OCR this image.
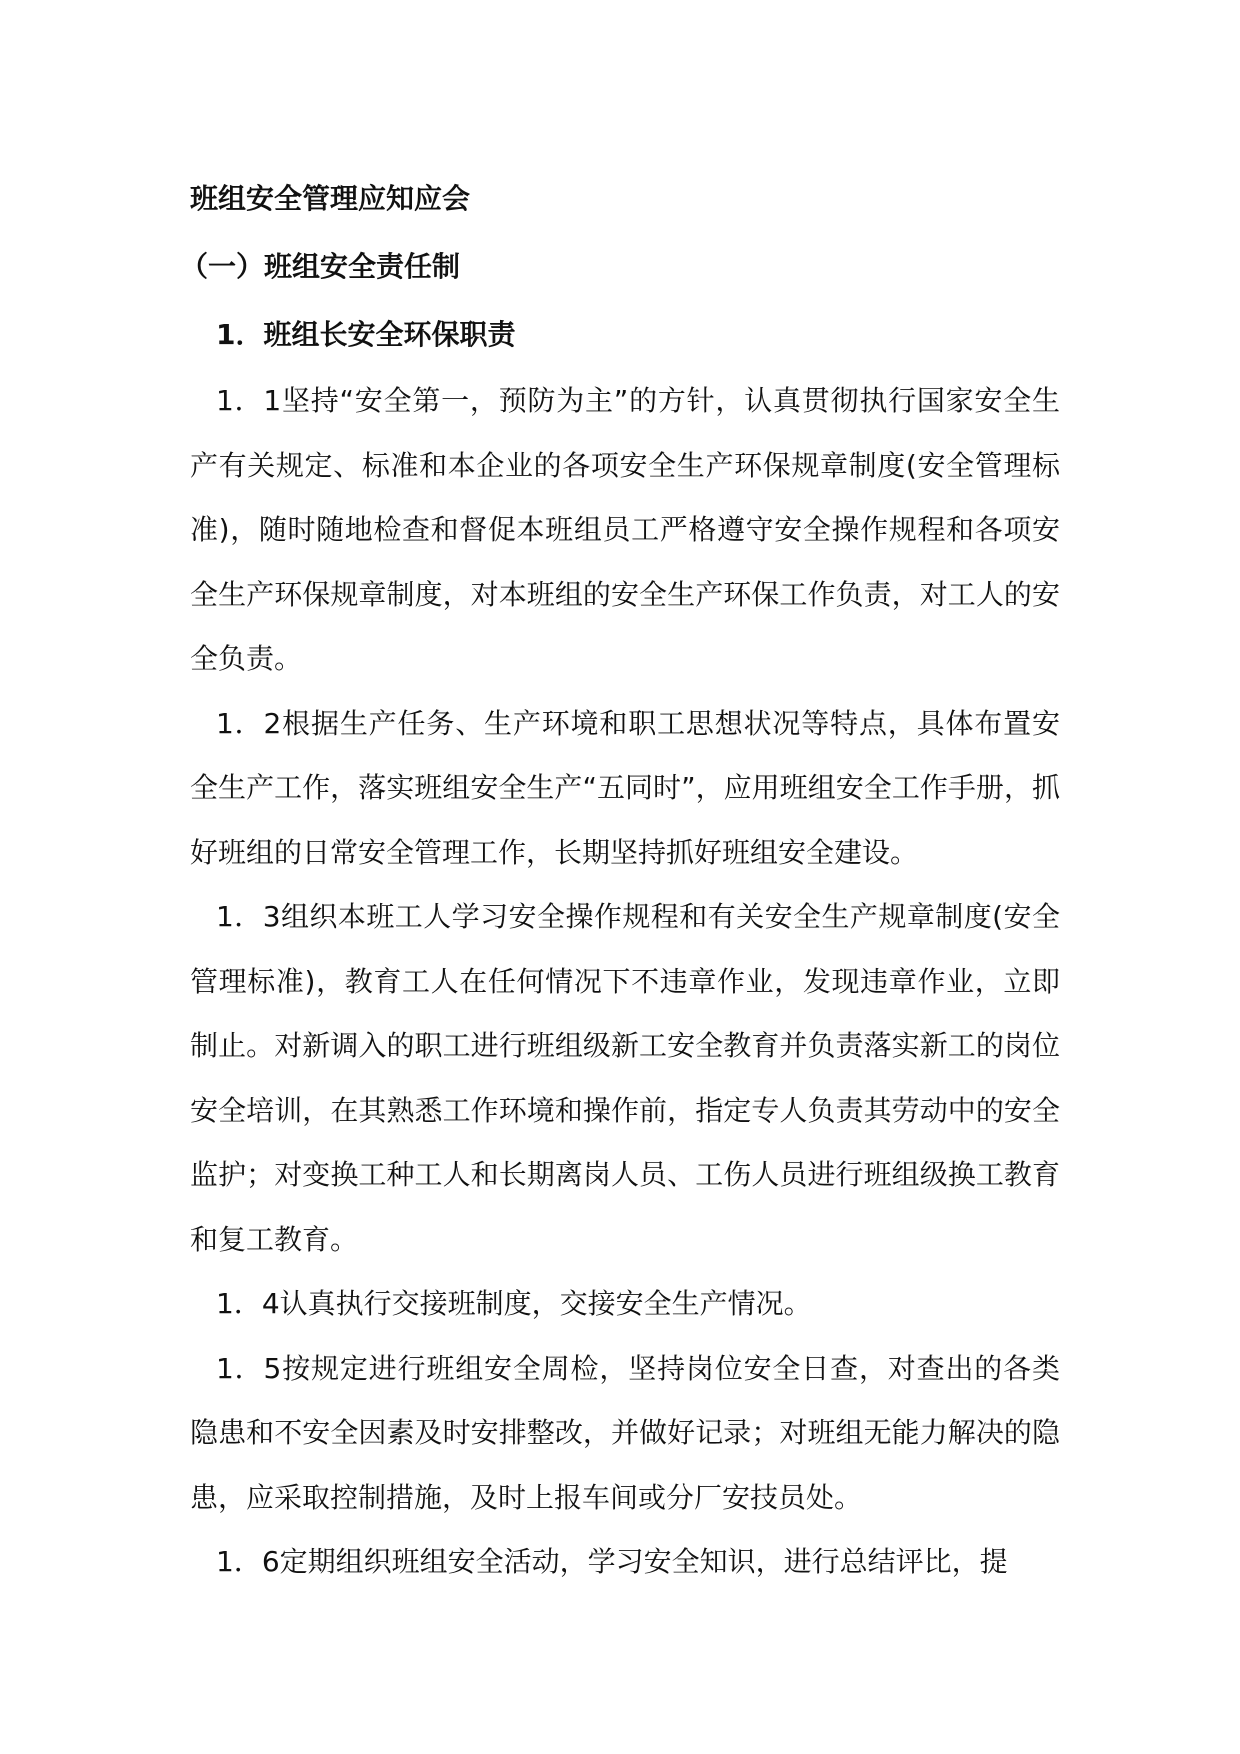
班组安全管理应知应会

（一）班组安全责任制

1．班组长安全环保职责

1．1坚持“安全第一，预防为主”的方针，认真贯彻执行国家安全生产有关规定、标准和本企业的各项安全生产环保规章制度(安全管理标准)，随时随地检查和督促本班组员工严格遵守安全操作规程和各项安全生产环保规章制度，对本班组的安全生产环保工作负责，对工人的安全负责。

1．2根据生产任务、生产环境和职工思想状况等特点，具体布置安全生产工作，落实班组安全生产“五同时”，应用班组安全工作手册，抓好班组的日常安全管理工作，长期坚持抓好班组安全建设。

1．3组织本班工人学习安全操作规程和有关安全生产规章制度(安全管理标准)，教育工人在任何情况下不违章作业，发现违章作业，立即制止。对新调入的职工进行班组级新工安全教育并负责落实新工的岗位安全培训，在其熟悉工作环境和操作前，指定专人负责其劳动中的安全监护；对变换工种工人和长期离岗人员、工伤人员进行班组级换工教育和复工教育。

1．4认真执行交接班制度，交接安全生产情况。

1．5按规定进行班组安全周检，坚持岗位安全日查，对查出的各类隐患和不安全因素及时安排整改，并做好记录；对班组无能力解决的隐患，应采取控制措施，及时上报车间或分厂安技员处。

1．6定期组织班组安全活动，学习安全知识，进行总结评比，提
